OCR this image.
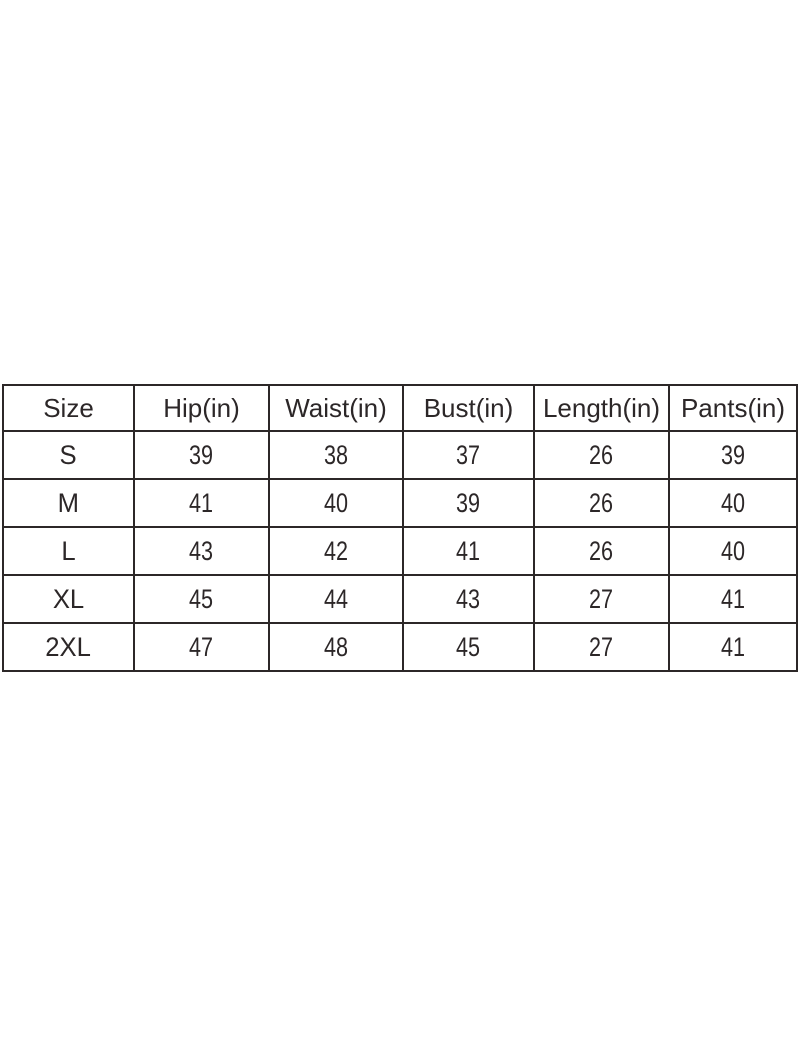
Size	Hip(in)	Waist(in)	Bust(in)	Length(in)	Pants(in)
S	39	38	37	26	39
M	41	40	39	26	40
L	43	42	41	26	40
XL	45	44	43	27	41
2XL	47	48	45	27	41
